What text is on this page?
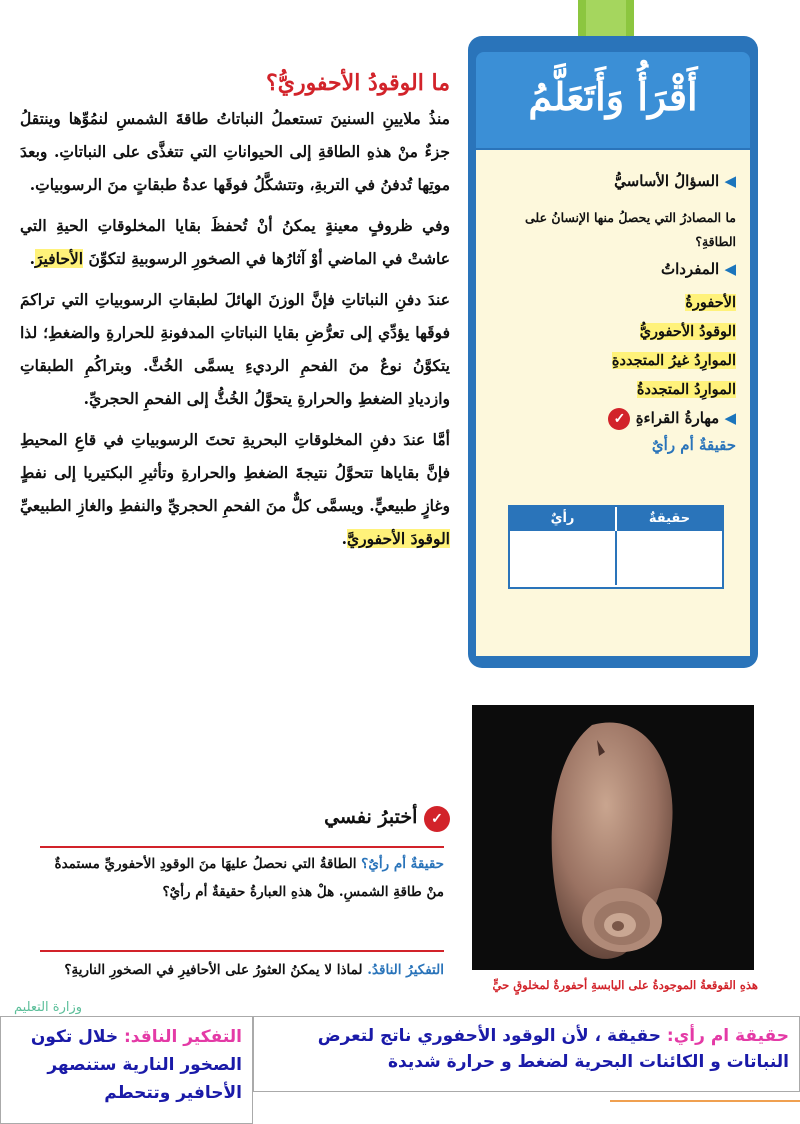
ما الوقودُ الأحفوريُّ؟

منذُ ملايينِ السنينَ تستعملُ النباتاتُ طاقةَ الشمسِ لنمُوِّها وينتقلُ جزءٌ منْ هذهِ الطاقةِ إلى الحيواناتِ التي تتغذَّى على النباتاتِ. وبعدَ موتِها تُدفنُ في التربةِ، وتتشكَّلُ فوقَها عدةُ طبقاتٍ منَ الرسوبياتِ.

وفي ظروفٍ معينةٍ يمكنُ أنْ تُحفظَ بقايا المخلوقاتِ الحيةِ التي عاشتْ في الماضي أوْ آثارُها في الصخورِ الرسوبيةِ لتكوِّنَ الأحافيرَ.

عندَ دفنِ النباتاتِ فإنَّ الوزنَ الهائلَ لطبقاتِ الرسوبياتِ التي تراكمَ فوقَها يؤدِّي إلى تعرُّضِ بقايا النباتاتِ المدفونةِ للحرارةِ والضغطِ؛ لذا يتكوَّنُ نوعٌ منَ الفحمِ الرديءِ يسمَّى الخُثَّ. وبتراكُمِ الطبقاتِ وازديادِ الضغطِ والحرارةِ يتحوَّلُ الخُثُّ إلى الفحمِ الحجريِّ.

أمَّا عندَ دفنِ المخلوقاتِ البحريةِ تحتَ الرسوبياتِ في قاعِ المحيطِ فإنَّ بقاياها تتحوَّلُ نتيجةَ الضغطِ والحرارةِ وتأثيرِ البكتيريا إلى نفطٍ وغازٍ طبيعيٍّ. ويسمَّى كلٌّ منَ الفحمِ الحجريِّ والنفطِ والغازِ الطبيعيِّ الوقودَ الأحفوريَّ.

أَقْرَأُ وَأَتَعَلَّمُ

◀ السؤالُ الأساسيُّ

ما المصادرُ التي يحصلُ منها الإنسانُ على الطاقةِ؟

◀ المفرداتُ

الأحفورةُ
الوقودُ الأحفوريُّ
الموارِدُ غيرُ المتجددةِ
الموارِدُ المتجددةُ

◀ مهارةُ القراءةِ ✓

حقيقةٌ أم رأيٌ

حقيقةٌ
رأيٌ
هذهِ القوقعةُ الموجودةُ على اليابسةِ أحفورةٌ لمخلوقٍ حيٍّ
✓ أختبرُ نفسي
حقيقةٌ أم رأيٌ؟ الطاقةُ التي نحصلُ عليهَا منَ الوقودِ الأحفوريِّ مستمدةٌ منْ طاقةِ الشمسِ. هلْ هذهِ العبارةُ حقيقةٌ أم رأيٌ؟
التفكيرُ الناقدُ. لماذا لا يمكنُ العثورُ على الأحافيرِ في الصخورِ الناريةِ؟
وزارة التعليم
حقيقة ام رأي: حقيقة ، لأن الوقود الأحفوري ناتج لتعرض النباتات و الكائنات البحرية لضغط و حرارة شديدة
التفكير الناقد: خلال تكون الصخور النارية ستنصهر الأحافير وتتحطم
